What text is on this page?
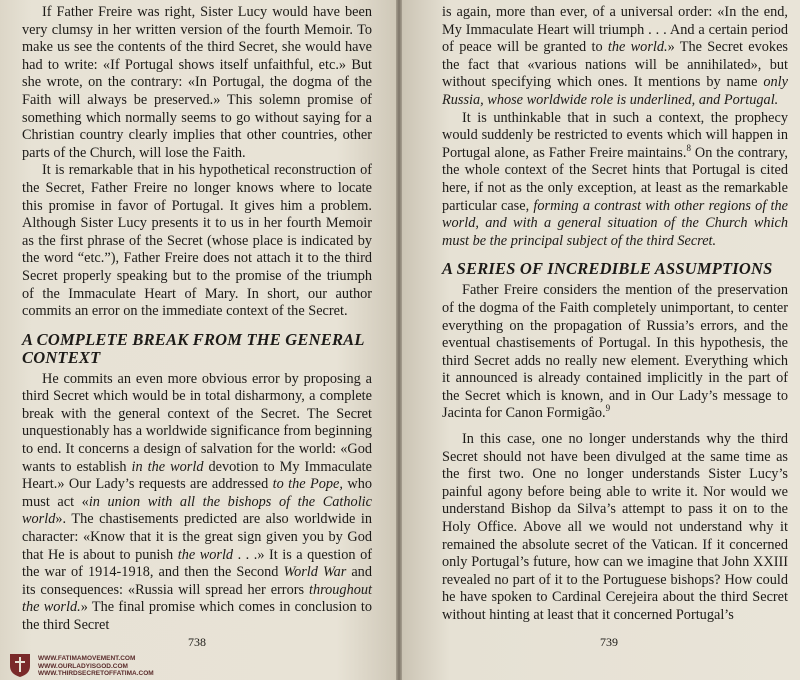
If Father Freire was right, Sister Lucy would have been very clumsy in her written version of the fourth Memoir. To make us see the contents of the third Secret, she would have had to write: «If Portugal shows itself unfaithful, etc.» But she wrote, on the contrary: «In Portugal, the dogma of the Faith will always be preserved.» This solemn promise of something which normally seems to go without saying for a Christian country clearly implies that other countries, other parts of the Church, will lose the Faith.

It is remarkable that in his hypothetical reconstruction of the Secret, Father Freire no longer knows where to locate this promise in favor of Portugal. It gives him a problem. Although Sister Lucy presents it to us in her fourth Memoir as the first phrase of the Secret (whose place is indicated by the word “etc.”), Father Freire does not attach it to the third Secret properly speaking but to the promise of the triumph of the Immaculate Heart of Mary. In short, our author commits an error on the immediate context of the Secret.

A COMPLETE BREAK FROM THE GENERAL CONTEXT

He commits an even more obvious error by proposing a third Secret which would be in total disharmony, a complete break with the general context of the Secret. The Secret unquestionably has a worldwide significance from beginning to end. It concerns a design of salvation for the world: «God wants to establish in the world devotion to My Immaculate Heart.» Our Lady’s requests are addressed to the Pope, who must act «in union with all the bishops of the Catholic world». The chastisements predicted are also worldwide in character: «Know that it is the great sign given you by God that He is about to punish the world . . .» It is a question of the war of 1914-1918, and then the Second World War and its consequences: «Russia will spread her errors throughout the world.» The final promise which comes in conclusion to the third Secret

738

is again, more than ever, of a universal order: «In the end, My Immaculate Heart will triumph . . . And a certain period of peace will be granted to the world.» The Secret evokes the fact that «various nations will be annihilated», but without specifying which ones. It mentions by name only Russia, whose worldwide role is underlined, and Portugal.

It is unthinkable that in such a context, the prophecy would suddenly be restricted to events which will happen in Portugal alone, as Father Freire maintains.$^8$ On the contrary, the whole context of the Secret hints that Portugal is cited here, if not as the only exception, at least as the remarkable particular case, forming a contrast with other regions of the world, and with a general situation of the Church which must be the principal subject of the third Secret.

A SERIES OF INCREDIBLE ASSUMPTIONS

Father Freire considers the mention of the preservation of the dogma of the Faith completely unimportant, to center everything on the propagation of Russia’s errors, and the eventual chastisements of Portugal. In this hypothesis, the third Secret adds no really new element. Everything which it announced is already contained implicitly in the part of the Secret which is known, and in Our Lady’s message to Jacinta for Canon Formigão.$^9$

In this case, one no longer understands why the third Secret should not have been divulged at the same time as the first two. One no longer understands Sister Lucy’s painful agony before being able to write it. Nor would we understand Bishop da Silva’s attempt to pass it on to the Holy Office. Above all we would not understand why it remained the absolute secret of the Vatican. If it concerned only Portugal’s future, how can we imagine that John XXIII revealed no part of it to the Portuguese bishops? How could he have spoken to Cardinal Cerejeira about the third Secret without hinting at least that it concerned Portugal’s

739
WWW.FATIMAMOVEMENT.COM
WWW.OURLADYISGOD.COM
WWW.THIRDSECRETOFFATIMA.COM
